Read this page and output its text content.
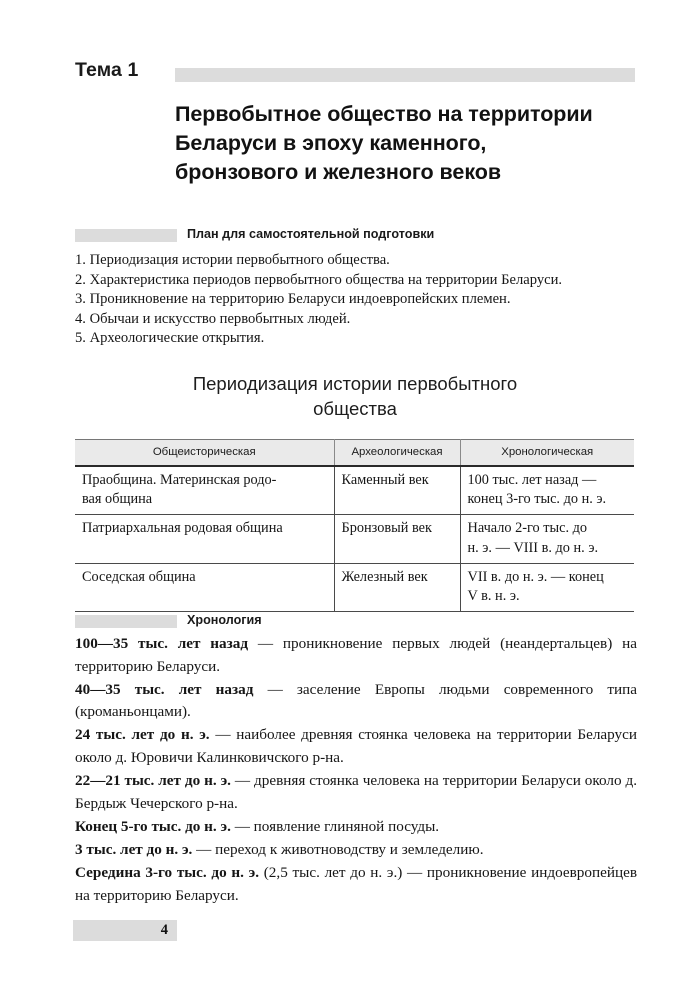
Тема 1
Первобытное общество на территории
Беларуси в эпоху каменного,
бронзового и железного веков
План для самостоятельной подготовки
1. Периодизация истории первобытного общества.
2. Характеристика периодов первобытного общества на территории Беларуси.
3. Проникновение на территорию Беларуси индоевропейских племен.
4. Обычаи и искусство первобытных людей.
5. Археологические открытия.
Периодизация истории первобытного
общества
Общеисторическая	Археологическая	Хронологическая

Праобщина. Материнская родо-
вая община	Каменный век	100 тыс. лет назад —
конец 3-го тыс. до н. э.

Патриархальная родовая община	Бронзовый век	Начало 2-го тыс. до
н. э. — VIII в. до н. э.

Соседская община	Железный век	VII в. до н. э. — конец
V в. н. э.
Хронология

100—35 тыс. лет назад — проникновение первых людей (неандертальцев) на территорию Беларуси.

40—35 тыс. лет назад — заселение Европы людьми современного типа (кроманьонцами).

24 тыс. лет до н. э. — наиболее древняя стоянка человека на территории Беларуси около д. Юровичи Калинковичского р-на.

22—21 тыс. лет до н. э. — древняя стоянка человека на территории Беларуси около д. Бердыж Чечерского р-на.

Конец 5-го тыс. до н. э. — появление глиняной посуды.

3 тыс. лет до н. э. — переход к животноводству и земледелию.

Середина 3-го тыс. до н. э. (2,5 тыс. лет до н. э.) — проникновение индоевропейцев на территорию Беларуси.

4
